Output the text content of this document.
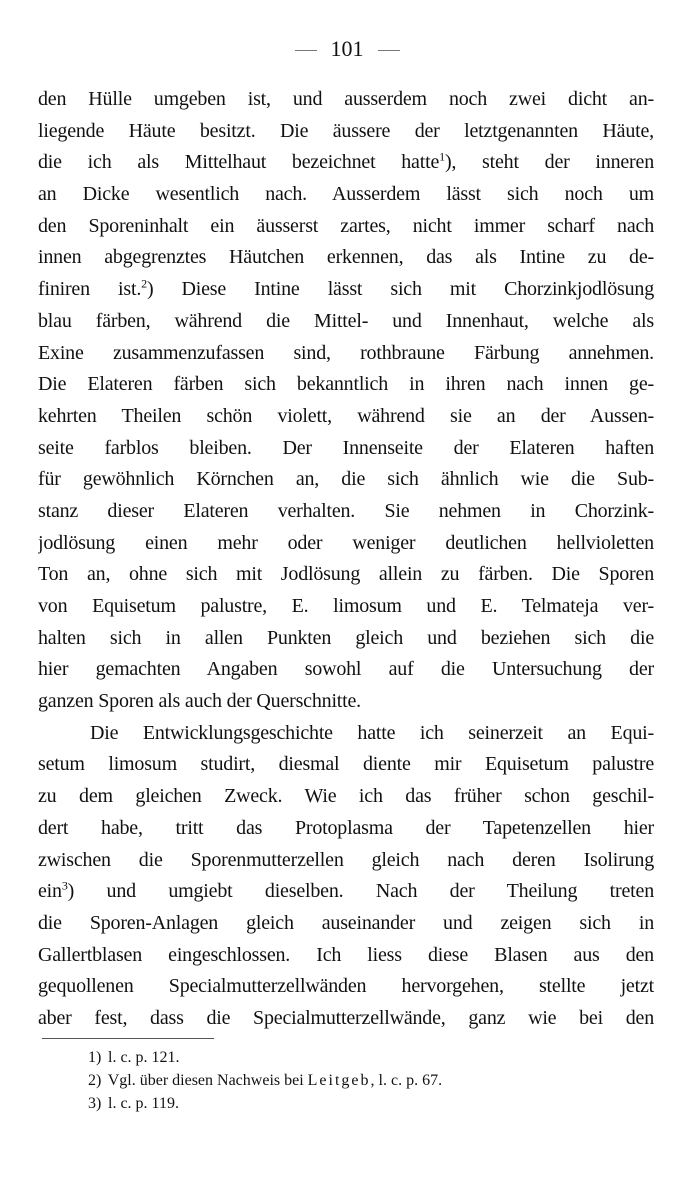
101
den Hülle umgeben ist, und ausserdem noch zwei dicht an-
liegende Häute besitzt. Die äussere der letztgenannten Häute,
die ich als Mittelhaut bezeichnet hatte$^1$), steht der inneren
an Dicke wesentlich nach. Ausserdem lässt sich noch um
den Sporeninhalt ein äusserst zartes, nicht immer scharf nach
innen abgegrenztes Häutchen erkennen, das als Intine zu de-
finiren ist.$^2$) Diese Intine lässt sich mit Chorzinkjodlösung
blau färben, während die Mittel- und Innenhaut, welche als
Exine zusammenzufassen sind, rothbraune Färbung annehmen.
Die Elateren färben sich bekanntlich in ihren nach innen ge-
kehrten Theilen schön violett, während sie an der Aussen-
seite farblos bleiben. Der Innenseite der Elateren haften
für gewöhnlich Körnchen an, die sich ähnlich wie die Sub-
stanz dieser Elateren verhalten. Sie nehmen in Chorzink-
jodlösung einen mehr oder weniger deutlichen hellvioletten
Ton an, ohne sich mit Jodlösung allein zu färben. Die Sporen
von Equisetum palustre, E. limosum und E. Telmateja ver-
halten sich in allen Punkten gleich und beziehen sich die
hier gemachten Angaben sowohl auf die Untersuchung der
ganzen Sporen als auch der Querschnitte.
Die Entwicklungsgeschichte hatte ich seinerzeit an Equi-
setum limosum studirt, diesmal diente mir Equisetum palustre
zu dem gleichen Zweck. Wie ich das früher schon geschil-
dert habe, tritt das Protoplasma der Tapetenzellen hier
zwischen die Sporenmutterzellen gleich nach deren Isolirung
ein$^3$) und umgiebt dieselben. Nach der Theilung treten
die Sporen-Anlagen gleich auseinander und zeigen sich in
Gallertblasen eingeschlossen. Ich liess diese Blasen aus den
gequollenen Specialmutterzellwänden hervorgehen, stellte jetzt
aber fest, dass die Specialmutterzellwände, ganz wie bei den
1) l. c. p. 121.
2) Vgl. über diesen Nachweis bei Leitgeb, l. c. p. 67.
3) l. c. p. 119.
